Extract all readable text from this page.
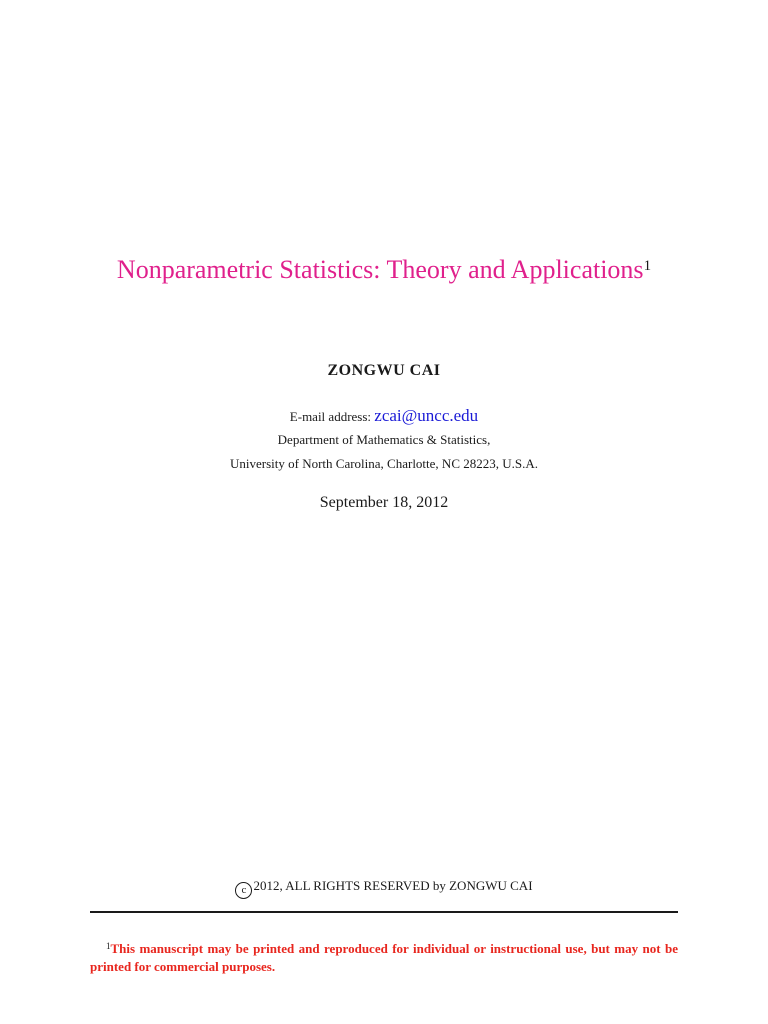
Nonparametric Statistics: Theory and Applications$^1$
ZONGWU CAI
E-mail address: zcai@uncc.edu
Department of Mathematics & Statistics,
University of North Carolina, Charlotte, NC 28223, U.S.A.
September 18, 2012
c 2012, ALL RIGHTS RESERVED by ZONGWU CAI
$^1$This manuscript may be printed and reproduced for individual or instructional use, but may not be printed for commercial purposes.
